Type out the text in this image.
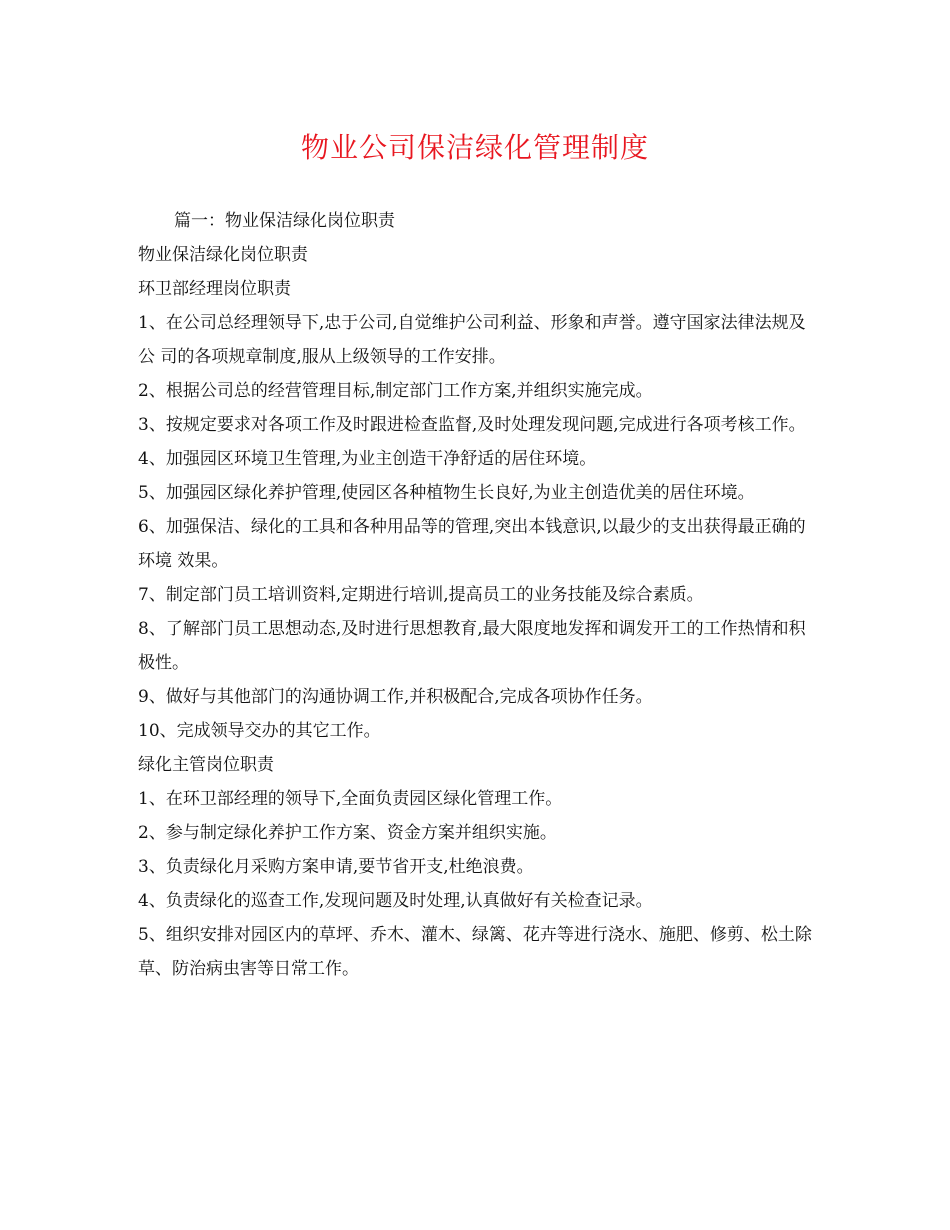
物业公司保洁绿化管理制度

篇一：物业保洁绿化岗位职责

物业保洁绿化岗位职责

环卫部经理岗位职责

1、在公司总经理领导下,忠于公司,自觉维护公司利益、形象和声誉。遵守国家法律法规及公 司的各项规章制度,服从上级领导的工作安排。

2、根据公司总的经营管理目标,制定部门工作方案,并组织实施完成。

3、按规定要求对各项工作及时跟进检查监督,及时处理发现问题,完成进行各项考核工作。

4、加强园区环境卫生管理,为业主创造干净舒适的居住环境。

5、加强园区绿化养护管理,使园区各种植物生长良好,为业主创造优美的居住环境。

6、加强保洁、绿化的工具和各种用品等的管理,突出本钱意识,以最少的支出获得最正确的环境 效果。

7、制定部门员工培训资料,定期进行培训,提高员工的业务技能及综合素质。

8、了解部门员工思想动态,及时进行思想教育,最大限度地发挥和调发开工的工作热情和积极性。

9、做好与其他部门的沟通协调工作,并积极配合,完成各项协作任务。

10、完成领导交办的其它工作。

绿化主管岗位职责

1、在环卫部经理的领导下,全面负责园区绿化管理工作。

2、参与制定绿化养护工作方案、资金方案并组织实施。

3、负责绿化月采购方案申请,要节省开支,杜绝浪费。

4、负责绿化的巡查工作,发现问题及时处理,认真做好有关检查记录。

5、组织安排对园区内的草坪、乔木、灌木、绿篱、花卉等进行浇水、施肥、修剪、松土除草、防治病虫害等日常工作。
